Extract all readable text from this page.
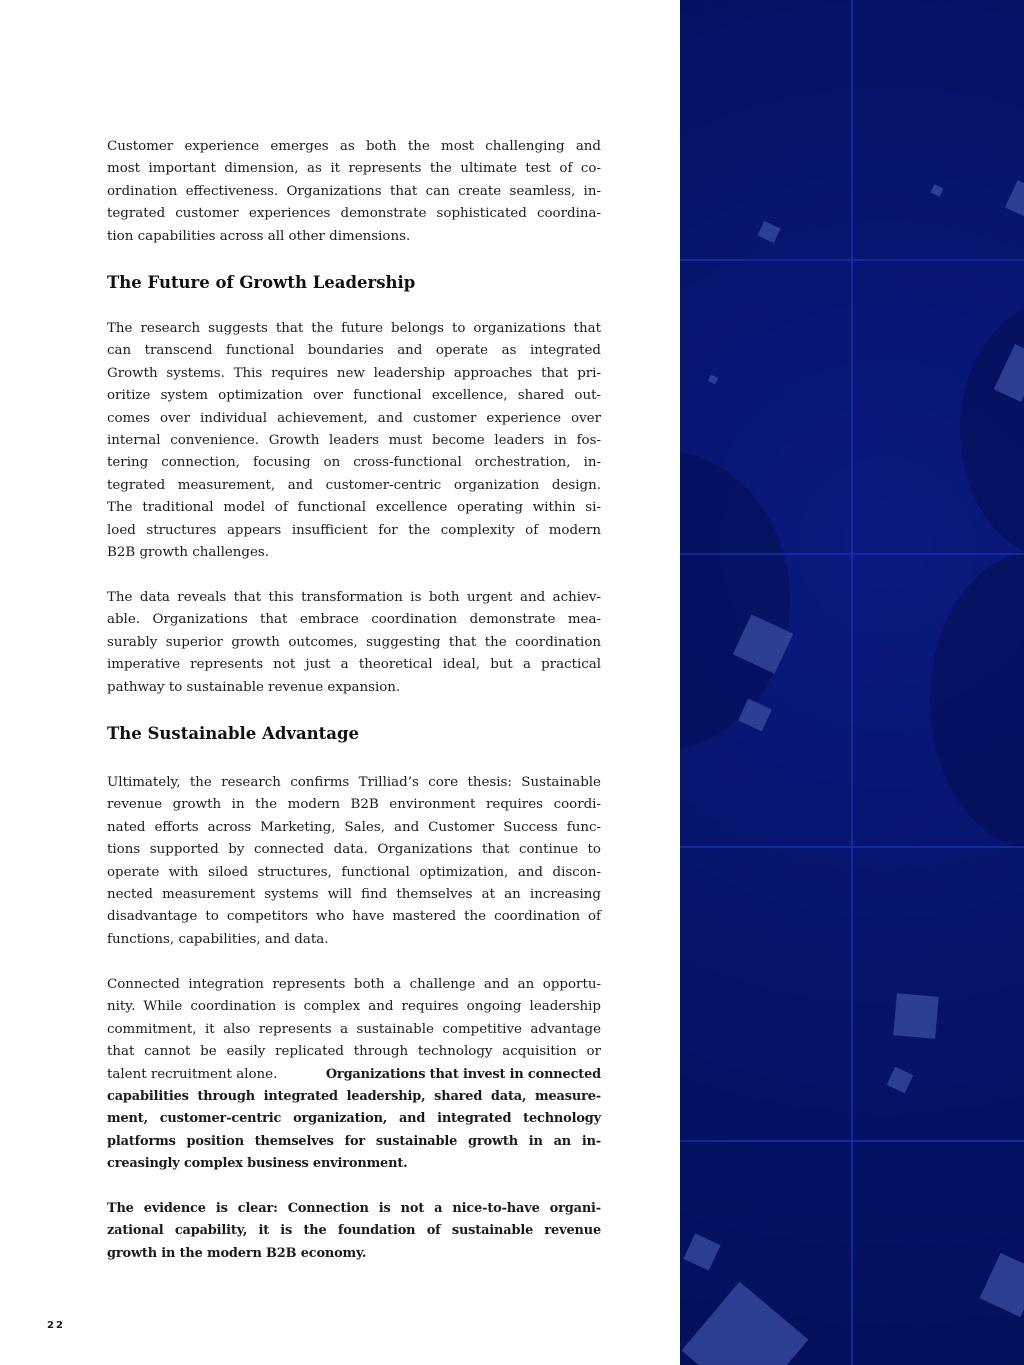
Customer experience emerges as both the most challenging and
most important dimension, as it represents the ultimate test of co-
ordination effectiveness. Organizations that can create seamless, in-
tegrated customer experiences demonstrate sophisticated coordina-
tion capabilities across all other dimensions.
The Future of Growth Leadership
The research suggests that the future belongs to organizations that
can transcend functional boundaries and operate as integrated
Growth systems. This requires new leadership approaches that pri-
oritize system optimization over functional excellence, shared out-
comes over individual achievement, and customer experience over
internal convenience. Growth leaders must become leaders in fos-
tering connection, focusing on cross-functional orchestration, in-
tegrated measurement, and customer-centric organization design.
The traditional model of functional excellence operating within si-
loed structures appears insufficient for the complexity of modern
B2B growth challenges.
The data reveals that this transformation is both urgent and achiev-
able. Organizations that embrace coordination demonstrate mea-
surably superior growth outcomes, suggesting that the coordination
imperative represents not just a theoretical ideal, but a practical
pathway to sustainable revenue expansion.
The Sustainable Advantage
Ultimately, the research confirms Trilliad’s core thesis: Sustainable
revenue growth in the modern B2B environment requires coordi-
nated efforts across Marketing, Sales, and Customer Success func-
tions supported by connected data. Organizations that continue to
operate with siloed structures, functional optimization, and discon-
nected measurement systems will find themselves at an increasing
disadvantage to competitors who have mastered the coordination of
functions, capabilities, and data.
Connected integration represents both a challenge and an opportu-
nity. While coordination is complex and requires ongoing leadership
commitment, it also represents a sustainable competitive advantage
that cannot be easily replicated through technology acquisition or
talent recruitment alone.	Organizations that invest in connected
capabilities through integrated leadership, shared data, measure-
ment, customer-centric organization, and integrated technology
platforms position themselves for sustainable growth in an in-
creasingly complex business environment.
The evidence is clear: Connection is not a nice-to-have organi-
zational capability, it is the foundation of sustainable revenue
growth in the modern B2B economy.
22
